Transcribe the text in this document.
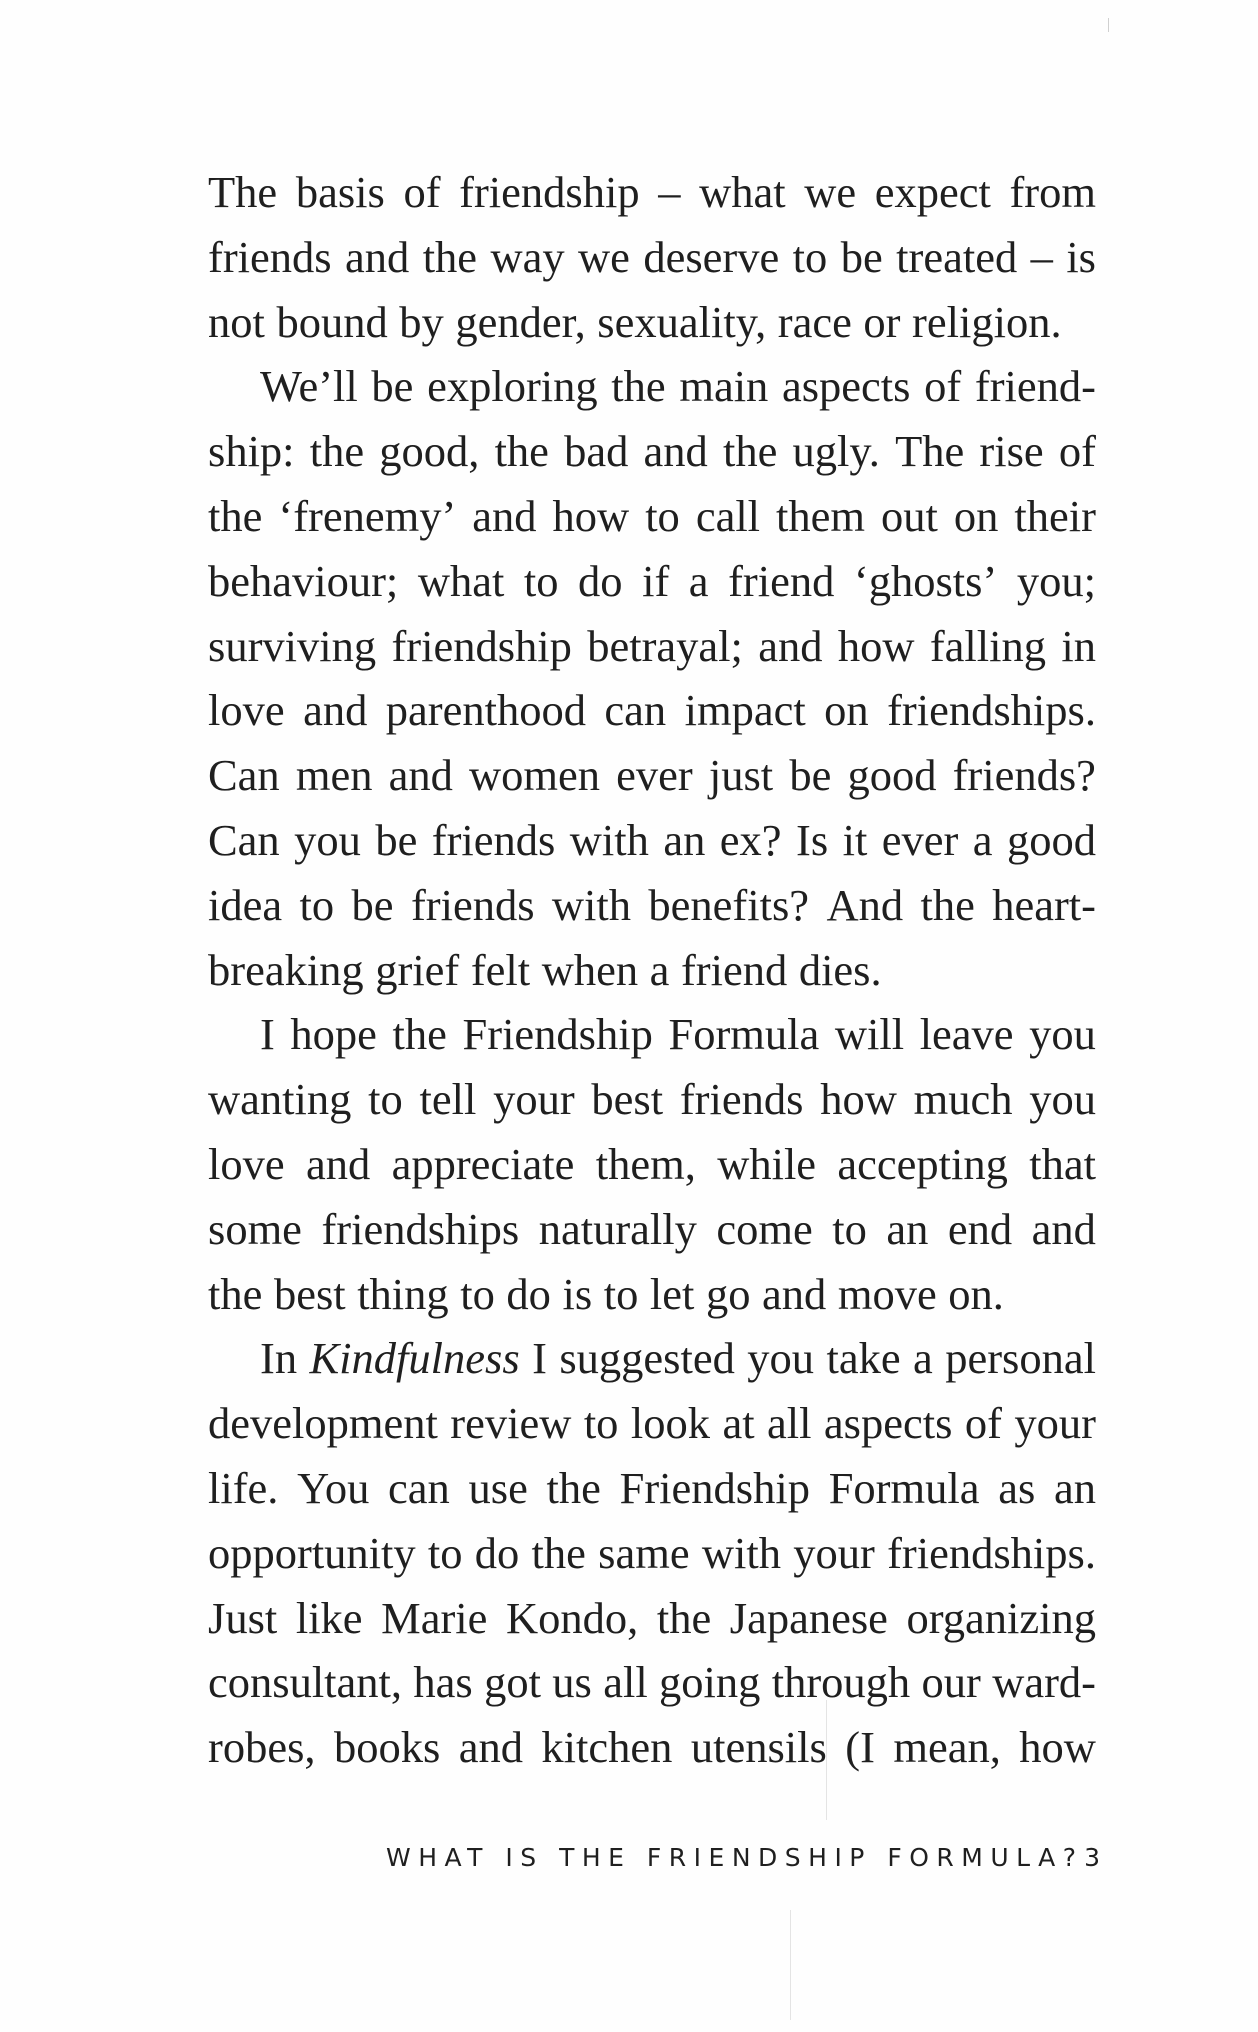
The basis of friendship – what we expect from
friends and the way we deserve to be treated – is
not bound by gender, sexuality, race or religion.
We’ll be exploring the main aspects of friend-
ship: the good, the bad and the ugly. The rise of
the ‘frenemy’ and how to call them out on their
behaviour; what to do if a friend ‘ghosts’ you;
surviving friendship betrayal; and how falling in
love and parenthood can impact on friendships.
Can men and women ever just be good friends?
Can you be friends with an ex? Is it ever a good
idea to be friends with benefits? And the heart-
breaking grief felt when a friend dies.
I hope the Friendship Formula will leave you
wanting to tell your best friends how much you
love and appreciate them, while accepting that
some friendships naturally come to an end and
the best thing to do is to let go and move on.
In Kindfulness I suggested you take a personal
development review to look at all aspects of your
life. You can use the Friendship Formula as an
opportunity to do the same with your friendships.
Just like Marie Kondo, the Japanese organizing
consultant, has got us all going through our ward-
robes, books and kitchen utensils (I mean, how
WHAT IS THE FRIENDSHIP FORMULA? 3
